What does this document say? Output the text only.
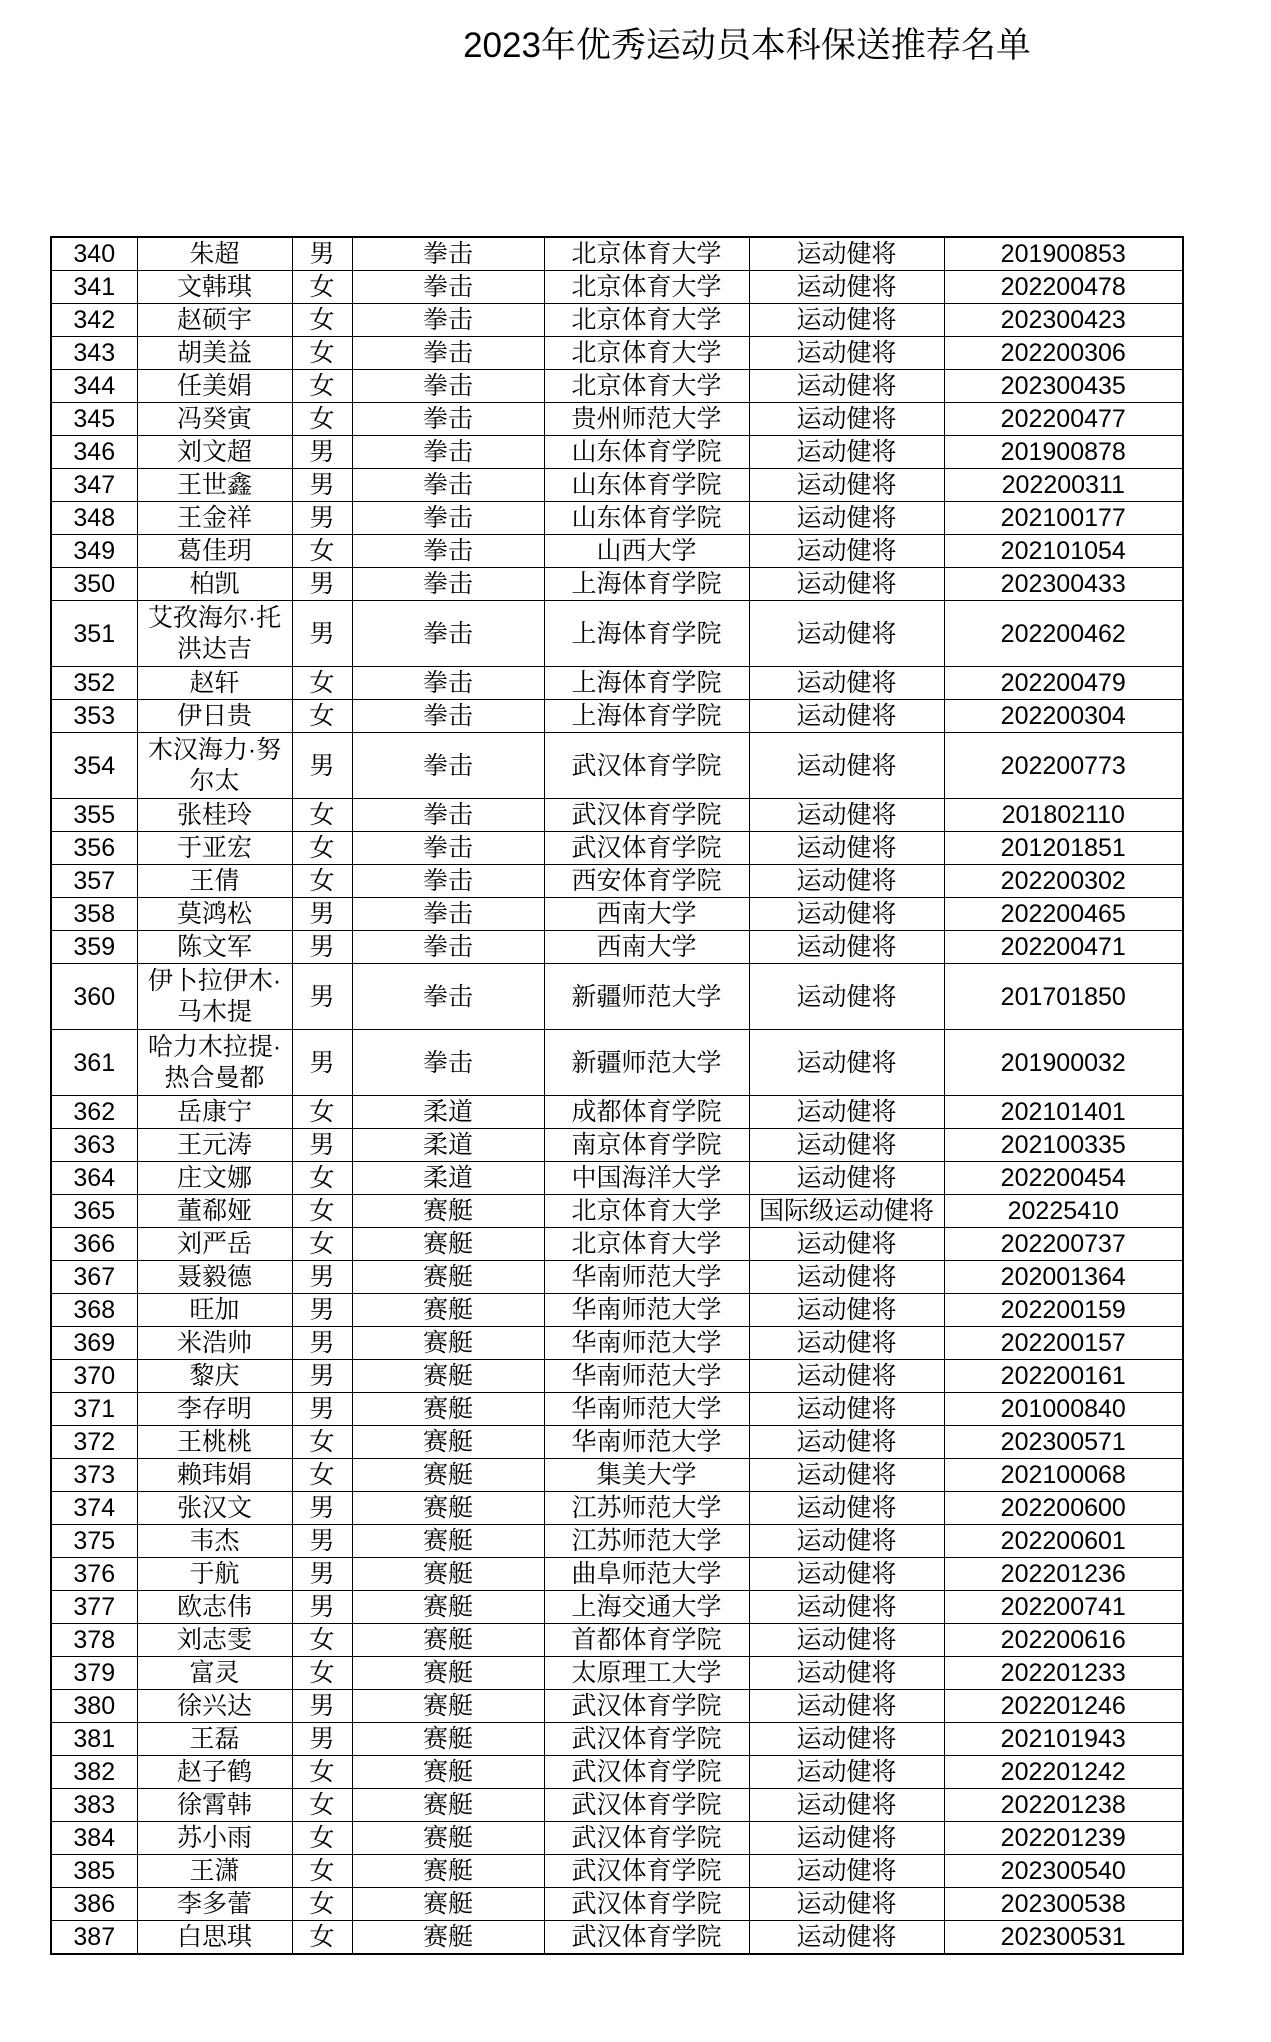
2023年优秀运动员本科保送推荐名单
340	朱超	男	拳击	北京体育大学	运动健将	201900853
341	文韩琪	女	拳击	北京体育大学	运动健将	202200478
342	赵硕宇	女	拳击	北京体育大学	运动健将	202300423
343	胡美益	女	拳击	北京体育大学	运动健将	202200306
344	任美娟	女	拳击	北京体育大学	运动健将	202300435
345	冯癸寅	女	拳击	贵州师范大学	运动健将	202200477
346	刘文超	男	拳击	山东体育学院	运动健将	201900878
347	王世鑫	男	拳击	山东体育学院	运动健将	202200311
348	王金祥	男	拳击	山东体育学院	运动健将	202100177
349	葛佳玥	女	拳击	山西大学	运动健将	202101054
350	柏凯	男	拳击	上海体育学院	运动健将	202300433
351	艾孜海尔·托
洪达吉	男	拳击	上海体育学院	运动健将	202200462
352	赵轩	女	拳击	上海体育学院	运动健将	202200479
353	伊日贵	女	拳击	上海体育学院	运动健将	202200304
354	木汉海力·努
尔太	男	拳击	武汉体育学院	运动健将	202200773
355	张桂玲	女	拳击	武汉体育学院	运动健将	201802110
356	于亚宏	女	拳击	武汉体育学院	运动健将	201201851
357	王倩	女	拳击	西安体育学院	运动健将	202200302
358	莫鸿松	男	拳击	西南大学	运动健将	202200465
359	陈文军	男	拳击	西南大学	运动健将	202200471
360	伊卜拉伊木·
马木提	男	拳击	新疆师范大学	运动健将	201701850
361	哈力木拉提·
热合曼都	男	拳击	新疆师范大学	运动健将	201900032
362	岳康宁	女	柔道	成都体育学院	运动健将	202101401
363	王元涛	男	柔道	南京体育学院	运动健将	202100335
364	庄文娜	女	柔道	中国海洋大学	运动健将	202200454
365	董郗娅	女	赛艇	北京体育大学	国际级运动健将	20225410
366	刘严岳	女	赛艇	北京体育大学	运动健将	202200737
367	聂毅德	男	赛艇	华南师范大学	运动健将	202001364
368	旺加	男	赛艇	华南师范大学	运动健将	202200159
369	米浩帅	男	赛艇	华南师范大学	运动健将	202200157
370	黎庆	男	赛艇	华南师范大学	运动健将	202200161
371	李存明	男	赛艇	华南师范大学	运动健将	201000840
372	王桃桃	女	赛艇	华南师范大学	运动健将	202300571
373	赖玮娟	女	赛艇	集美大学	运动健将	202100068
374	张汉文	男	赛艇	江苏师范大学	运动健将	202200600
375	韦杰	男	赛艇	江苏师范大学	运动健将	202200601
376	于航	男	赛艇	曲阜师范大学	运动健将	202201236
377	欧志伟	男	赛艇	上海交通大学	运动健将	202200741
378	刘志雯	女	赛艇	首都体育学院	运动健将	202200616
379	富灵	女	赛艇	太原理工大学	运动健将	202201233
380	徐兴达	男	赛艇	武汉体育学院	运动健将	202201246
381	王磊	男	赛艇	武汉体育学院	运动健将	202101943
382	赵子鹤	女	赛艇	武汉体育学院	运动健将	202201242
383	徐霄韩	女	赛艇	武汉体育学院	运动健将	202201238
384	苏小雨	女	赛艇	武汉体育学院	运动健将	202201239
385	王潇	女	赛艇	武汉体育学院	运动健将	202300540
386	李多蕾	女	赛艇	武汉体育学院	运动健将	202300538
387	白思琪	女	赛艇	武汉体育学院	运动健将	202300531
